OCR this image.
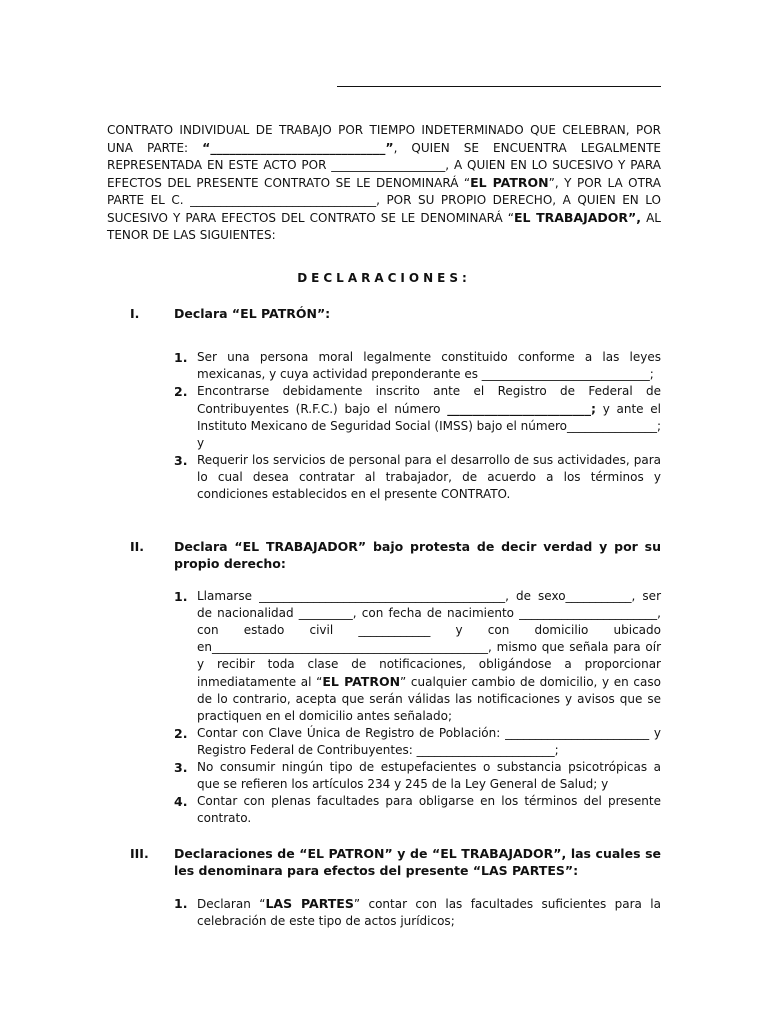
CONTRATO INDIVIDUAL DE TRABAJO POR TIEMPO INDETERMINADO QUE CELEBRAN, POR UNA PARTE: “____________________________”, QUIEN SE ENCUENTRA LEGALMENTE REPRESENTADA EN ESTE ACTO POR ___________________, A QUIEN EN LO SUCESIVO Y PARA EFECTOS DEL PRESENTE CONTRATO SE LE DENOMINARÁ “EL PATRON”, Y POR LA OTRA PARTE EL C. _______________________________, POR SU PROPIO DERECHO, A QUIEN EN LO SUCESIVO Y PARA EFECTOS DEL CONTRATO SE LE DENOMINARÁ “EL TRABAJADOR”, AL TENOR DE LAS SIGUIENTES:
DECLARACIONES:
I.	Declara “EL PATRÓN”:
1. Ser una persona moral legalmente constituido conforme a las leyes mexicanas, y cuya actividad preponderante es ____________________________;
2. Encontrarse debidamente inscrito ante el Registro de Federal de Contribuyentes (R.F.C.) bajo el número _______________________; y ante el Instituto Mexicano de Seguridad Social (IMSS) bajo el número_______________; y
3. Requerir los servicios de personal para el desarrollo de sus actividades, para lo cual desea contratar al trabajador, de acuerdo a los términos y condiciones establecidos en el presente CONTRATO.
II. Declara “EL TRABAJADOR” bajo protesta de decir verdad y por su propio derecho:
1. Llamarse _________________________________________, de sexo___________, ser de nacionalidad _________, con fecha de nacimiento _______________________, con estado civil ____________ y con domicilio ubicado en______________________________________________, mismo que señala para oír y recibir toda clase de notificaciones, obligándose a proporcionar inmediatamente al “EL PATRON” cualquier cambio de domicilio, y en caso de lo contrario, acepta que serán válidas las notificaciones y avisos que se practiquen en el domicilio antes señalado;
2. Contar con Clave Única de Registro de Población: ________________________ y Registro Federal de Contribuyentes: _______________________;
3. No consumir ningún tipo de estupefacientes o substancia psicotrópicas a que se refieren los artículos 234 y 245 de la Ley General de Salud; y
4. Contar con plenas facultades para obligarse en los términos del presente contrato.
III. Declaraciones de “EL PATRON” y de “EL TRABAJADOR”, las cuales se les denominara para efectos del presente “LAS PARTES”:
1. Declaran “LAS PARTES” contar con las facultades suficientes para la celebración de este tipo de actos jurídicos;
